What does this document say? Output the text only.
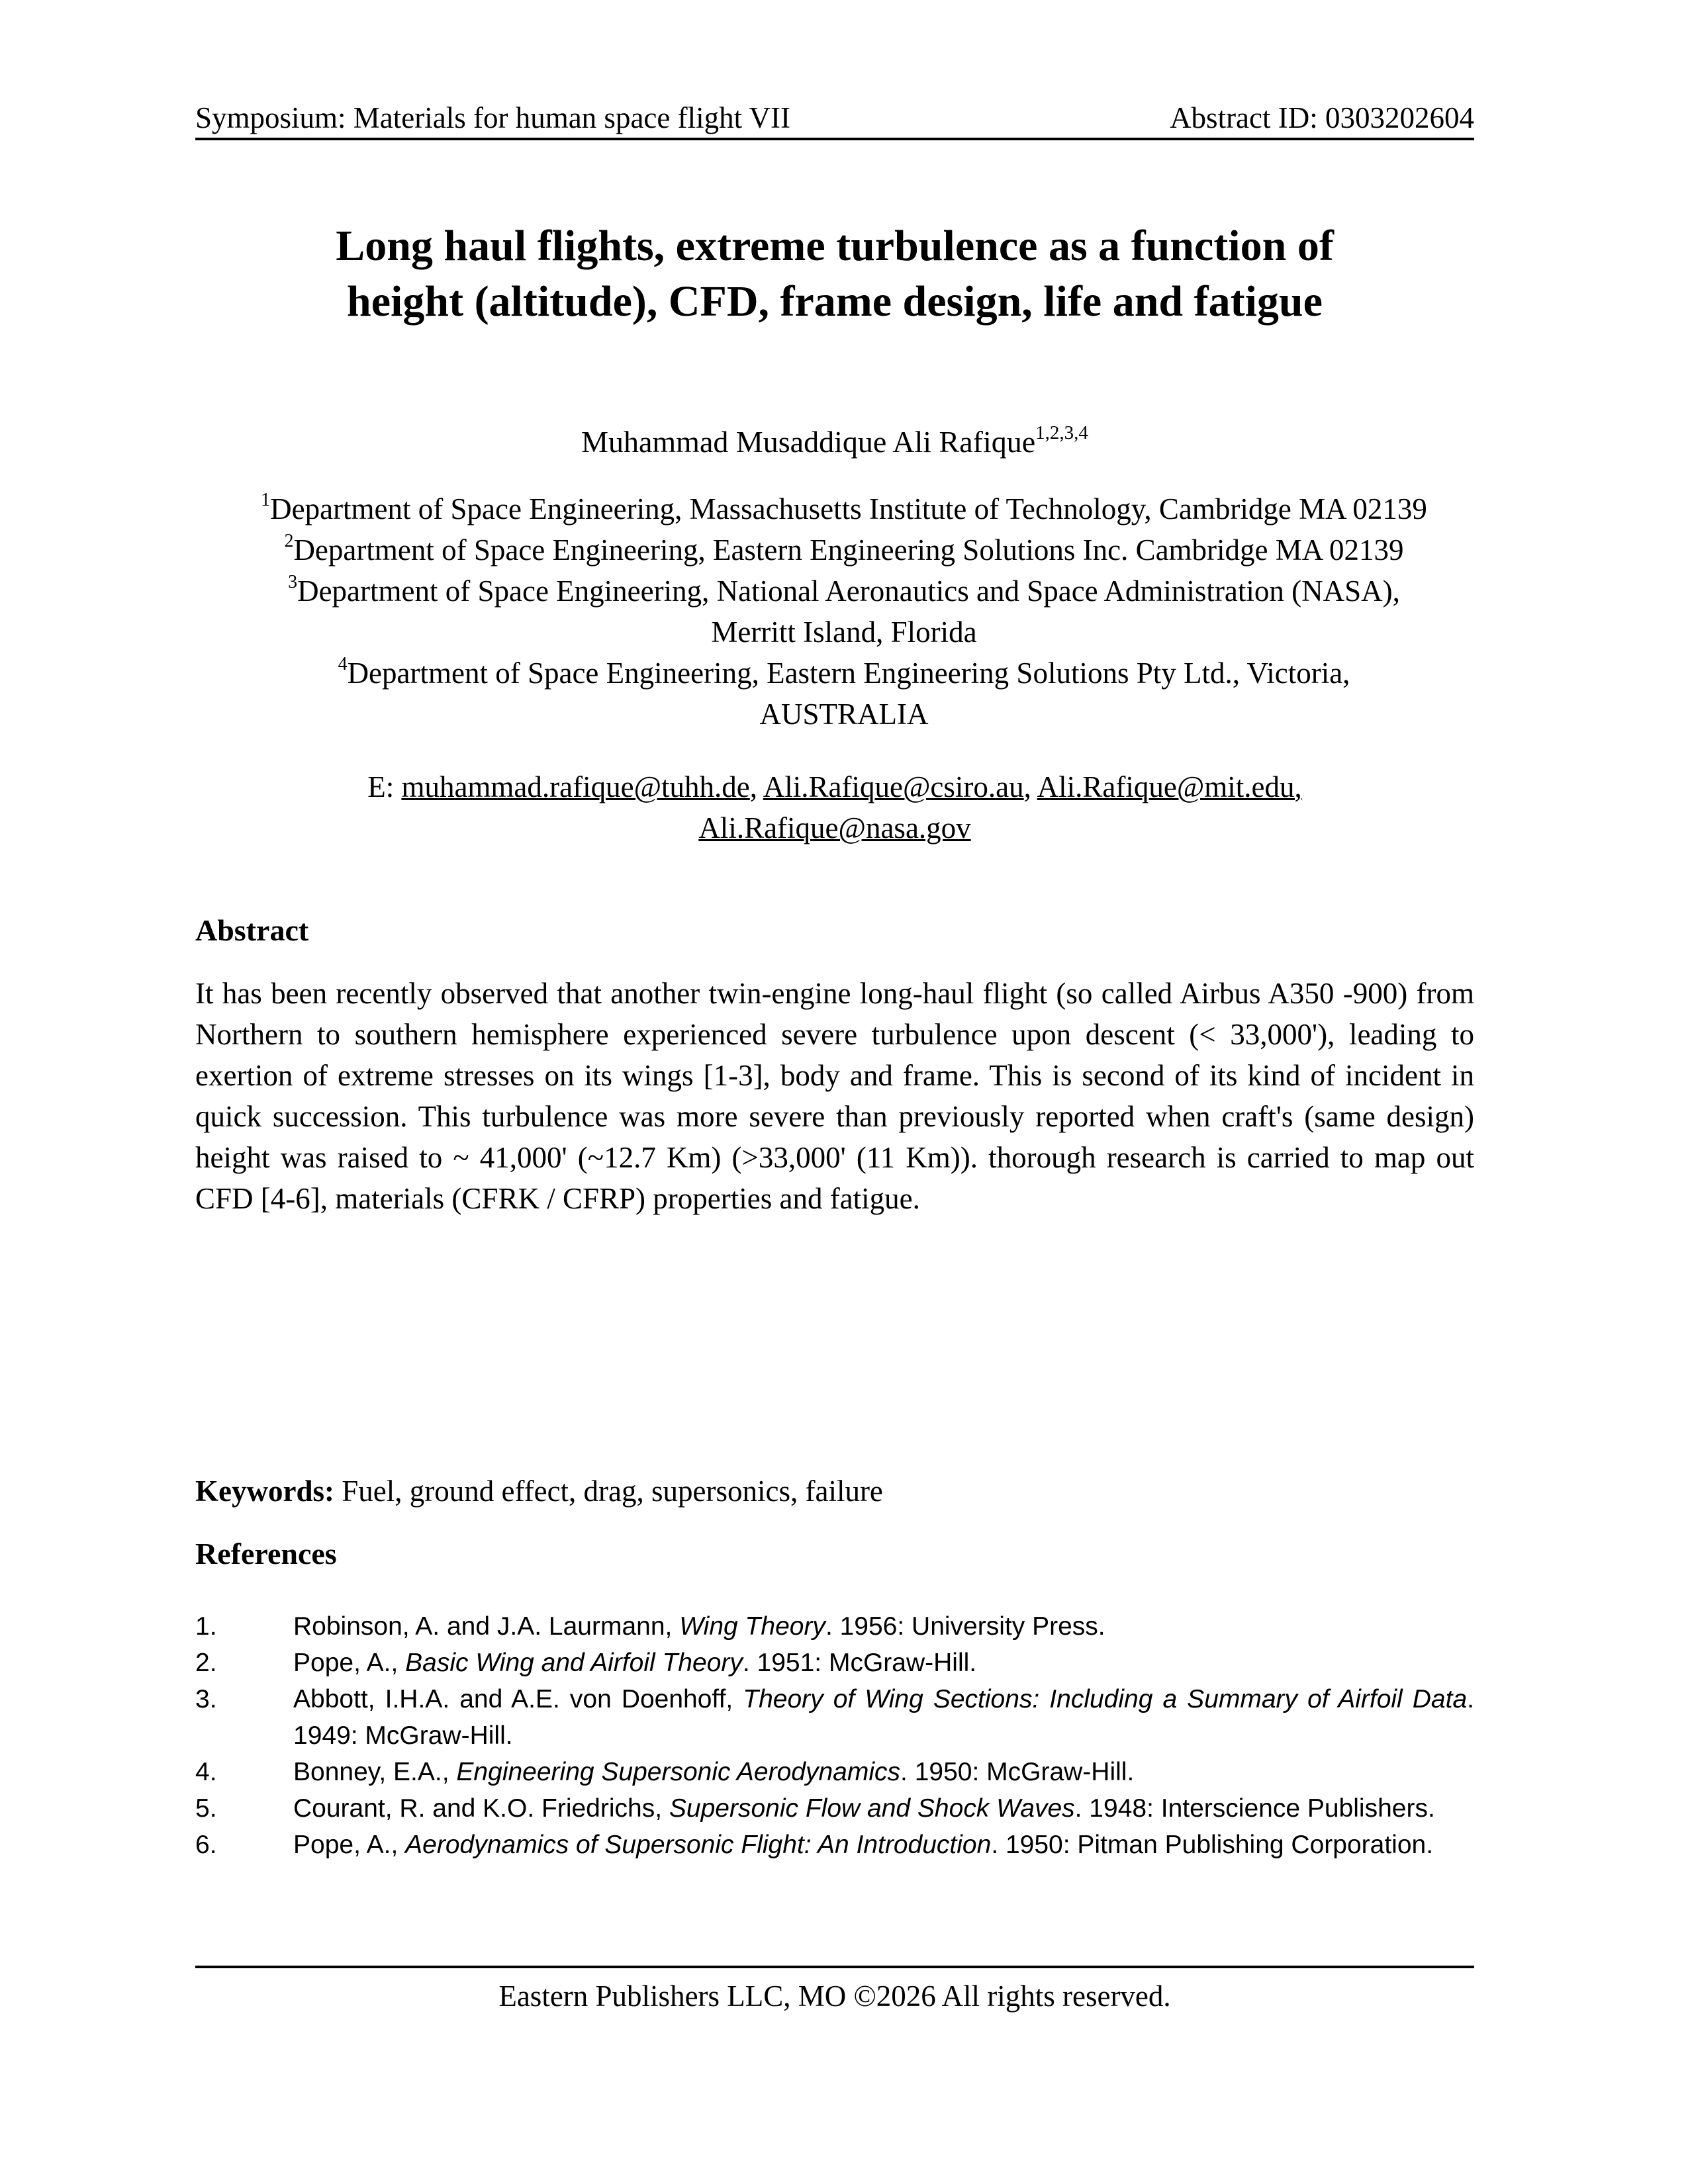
Symposium: Materials for human space flight VII	Abstract ID: 0303202604
Long haul flights, extreme turbulence as a function of
height (altitude), CFD, frame design, life and fatigue
Muhammad Musaddique Ali Rafique$^{1,2,3,4}$
$^1$Department of Space Engineering, Massachusetts Institute of Technology, Cambridge MA 02139
$^2$Department of Space Engineering, Eastern Engineering Solutions Inc. Cambridge MA 02139
$^3$Department of Space Engineering, National Aeronautics and Space Administration (NASA),
Merritt Island, Florida
$^4$Department of Space Engineering, Eastern Engineering Solutions Pty Ltd., Victoria,
AUSTRALIA
E: muhammad.rafique@tuhh.de, Ali.Rafique@csiro.au, Ali.Rafique@mit.edu,
Ali.Rafique@nasa.gov
Abstract
It has been recently observed that another twin-engine long-haul flight (so called Airbus A350 -900) from Northern to southern hemisphere experienced severe turbulence upon descent (< 33,000'), leading to exertion of extreme stresses on its wings [1-3], body and frame. This is second of its kind of incident in quick succession. This turbulence was more severe than previously reported when craft's (same design) height was raised to ~ 41,000' (~12.7 Km) (>33,000' (11 Km)). thorough research is carried to map out CFD [4-6], materials (CFRK / CFRP) properties and fatigue.
Keywords: Fuel, ground effect, drag, supersonics, failure
References
1.	Robinson, A. and J.A. Laurmann, Wing Theory. 1956: University Press.
2.	Pope, A., Basic Wing and Airfoil Theory. 1951: McGraw-Hill.
3.	Abbott, I.H.A. and A.E. von Doenhoff, Theory of Wing Sections: Including a Summary of Airfoil Data. 1949: McGraw-Hill.
4.	Bonney, E.A., Engineering Supersonic Aerodynamics. 1950: McGraw-Hill.
5.	Courant, R. and K.O. Friedrichs, Supersonic Flow and Shock Waves. 1948: Interscience Publishers.
6.	Pope, A., Aerodynamics of Supersonic Flight: An Introduction. 1950: Pitman Publishing Corporation.
Eastern Publishers LLC, MO ©2026 All rights reserved.
